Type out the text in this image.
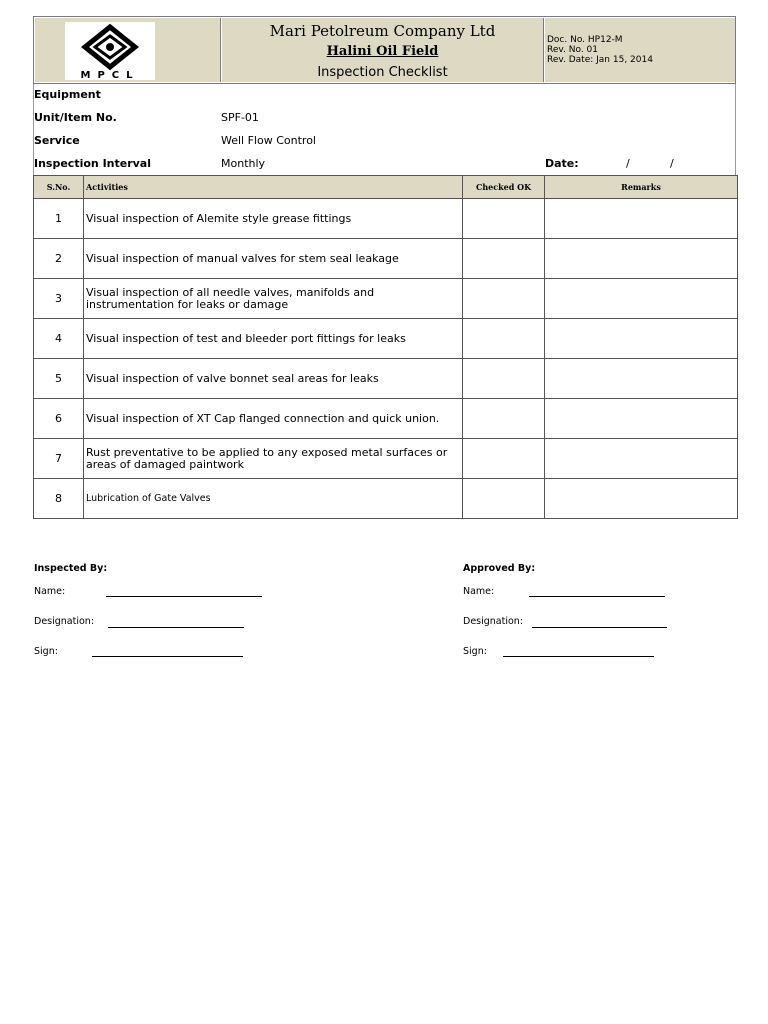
MPCL
Mari Petolreum Company Ltd
Halini Oil Field
Inspection Checklist
Doc. No. HP12-M
Rev. No. 01
Rev. Date: Jan 15, 2014
Equipment
Unit/Item No.	SPF-01
Service	Well Flow Control
Inspection Interval	Monthly	Date:	/	/
S.No.	Activities	Checked OK	Remarks
1	Visual inspection of Alemite style grease fittings		
2	Visual inspection of manual valves for stem seal leakage		
3	Visual inspection of all needle valves, manifolds and instrumentation for leaks or damage		
4	Visual inspection of test and bleeder port fittings for leaks		
5	Visual inspection of valve bonnet seal areas for leaks		
6	Visual inspection of XT Cap flanged connection and quick union.		
7	Rust preventative to be applied to any exposed metal surfaces or areas of damaged paintwork		
8	Lubrication of Gate Valves		
Inspected By:
Name:
Designation:
Sign:
Approved By:
Name:
Designation:
Sign:
